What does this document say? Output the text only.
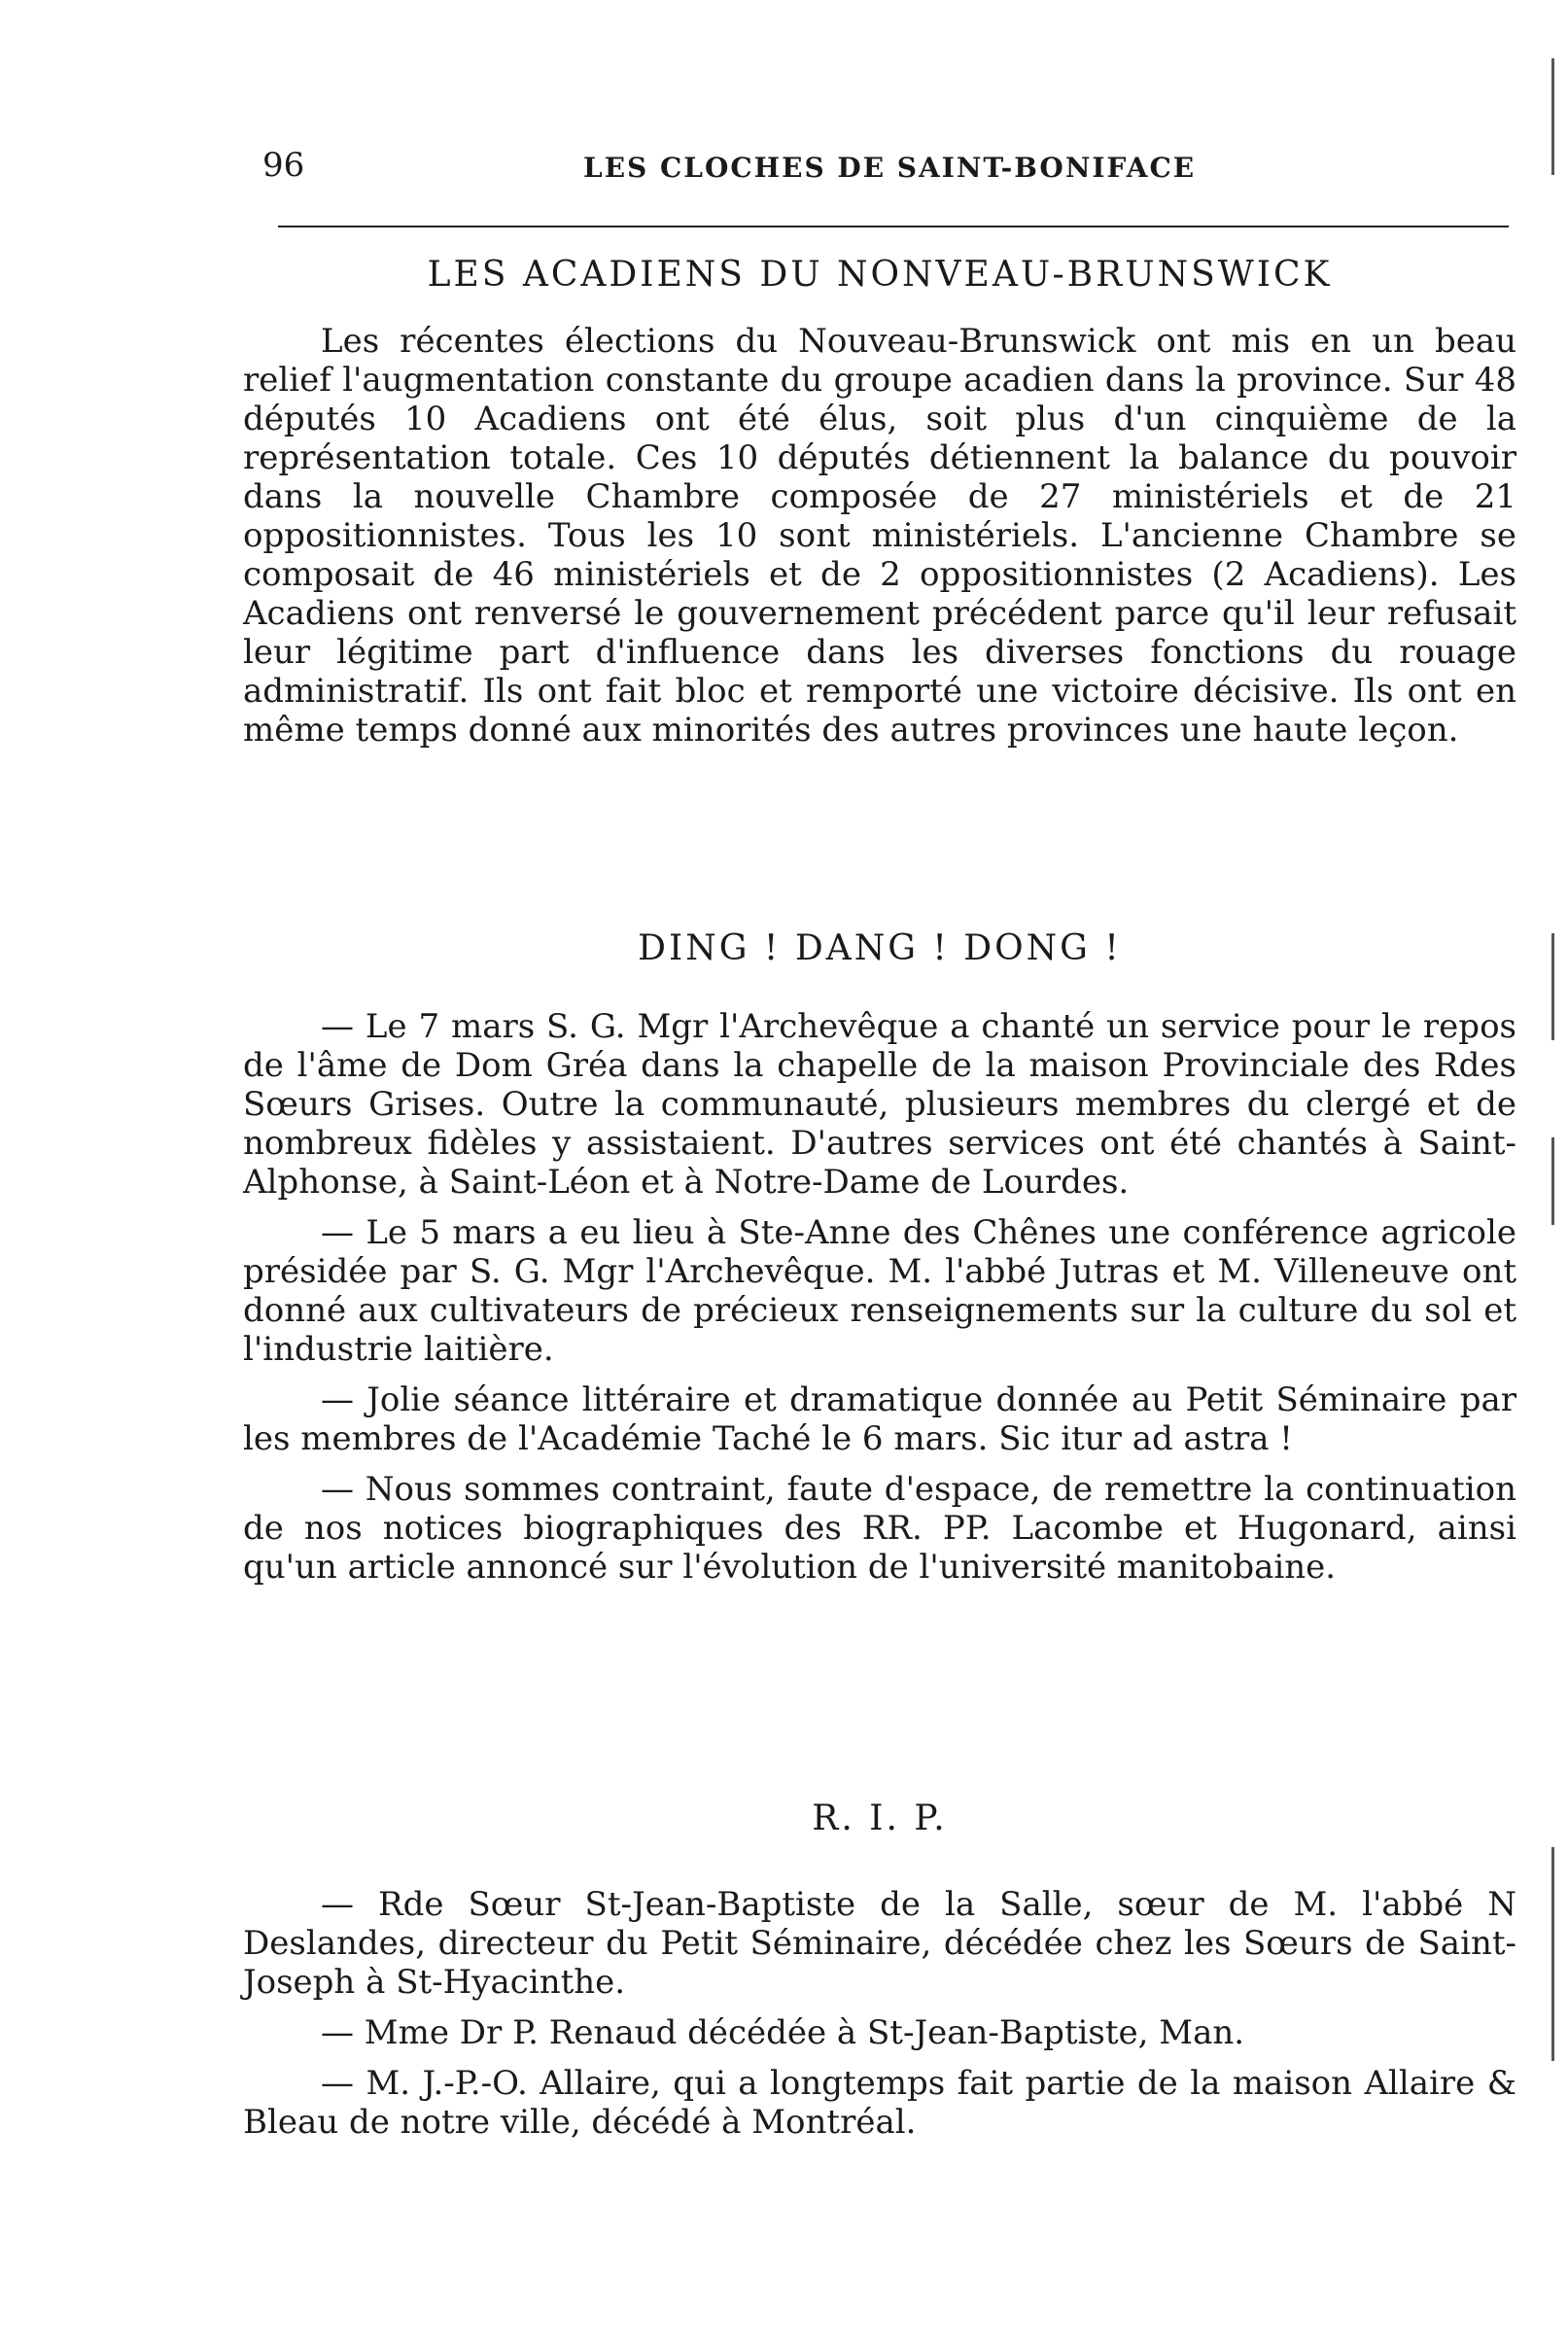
96	LES CLOCHES DE SAINT-BONIFACE
LES ACADIENS DU NONVEAU-BRUNSWICK

Les récentes élections du Nouveau-Brunswick ont mis en un beau relief l'augmentation constante du groupe acadien dans la province. Sur 48 députés 10 Acadiens ont été élus, soit plus d'un cinquième de la représentation totale. Ces 10 députés détiennent la balance du pouvoir dans la nouvelle Chambre composée de 27 ministériels et de 21 oppositionnistes. Tous les 10 sont ministériels. L'ancienne Chambre se composait de 46 ministériels et de 2 oppositionnistes (2 Acadiens). Les Acadiens ont renversé le gouvernement précédent parce qu'il leur refusait leur légitime part d'influence dans les diverses fonctions du rouage administratif. Ils ont fait bloc et remporté une victoire décisive. Ils ont en même temps donné aux minorités des autres provinces une haute leçon.

DING ! DANG ! DONG !

— Le 7 mars S. G. Mgr l'Archevêque a chanté un service pour le repos de l'âme de Dom Gréa dans la chapelle de la maison Provinciale des Rdes Sœurs Grises. Outre la communauté, plusieurs membres du clergé et de nombreux fidèles y assistaient. D'autres services ont été chantés à Saint-Alphonse, à Saint-Léon et à Notre-Dame de Lourdes.

— Le 5 mars a eu lieu à Ste-Anne des Chênes une conférence agricole présidée par S. G. Mgr l'Archevêque. M. l'abbé Jutras et M. Villeneuve ont donné aux cultivateurs de précieux renseignements sur la culture du sol et l'industrie laitière.

— Jolie séance littéraire et dramatique donnée au Petit Séminaire par les membres de l'Académie Taché le 6 mars. Sic itur ad astra !

— Nous sommes contraint, faute d'espace, de remettre la continuation de nos notices biographiques des RR. PP. Lacombe et Hugonard, ainsi qu'un article annoncé sur l'évolution de l'université manitobaine.

R. I. P.

— Rde Sœur St-Jean-Baptiste de la Salle, sœur de M. l'abbé N Deslandes, directeur du Petit Séminaire, décédée chez les Sœurs de Saint-Joseph à St-Hyacinthe.

— Mme Dr P. Renaud décédée à St-Jean-Baptiste, Man.

— M. J.-P.-O. Allaire, qui a longtemps fait partie de la maison Allaire & Bleau de notre ville, décédé à Montréal.
